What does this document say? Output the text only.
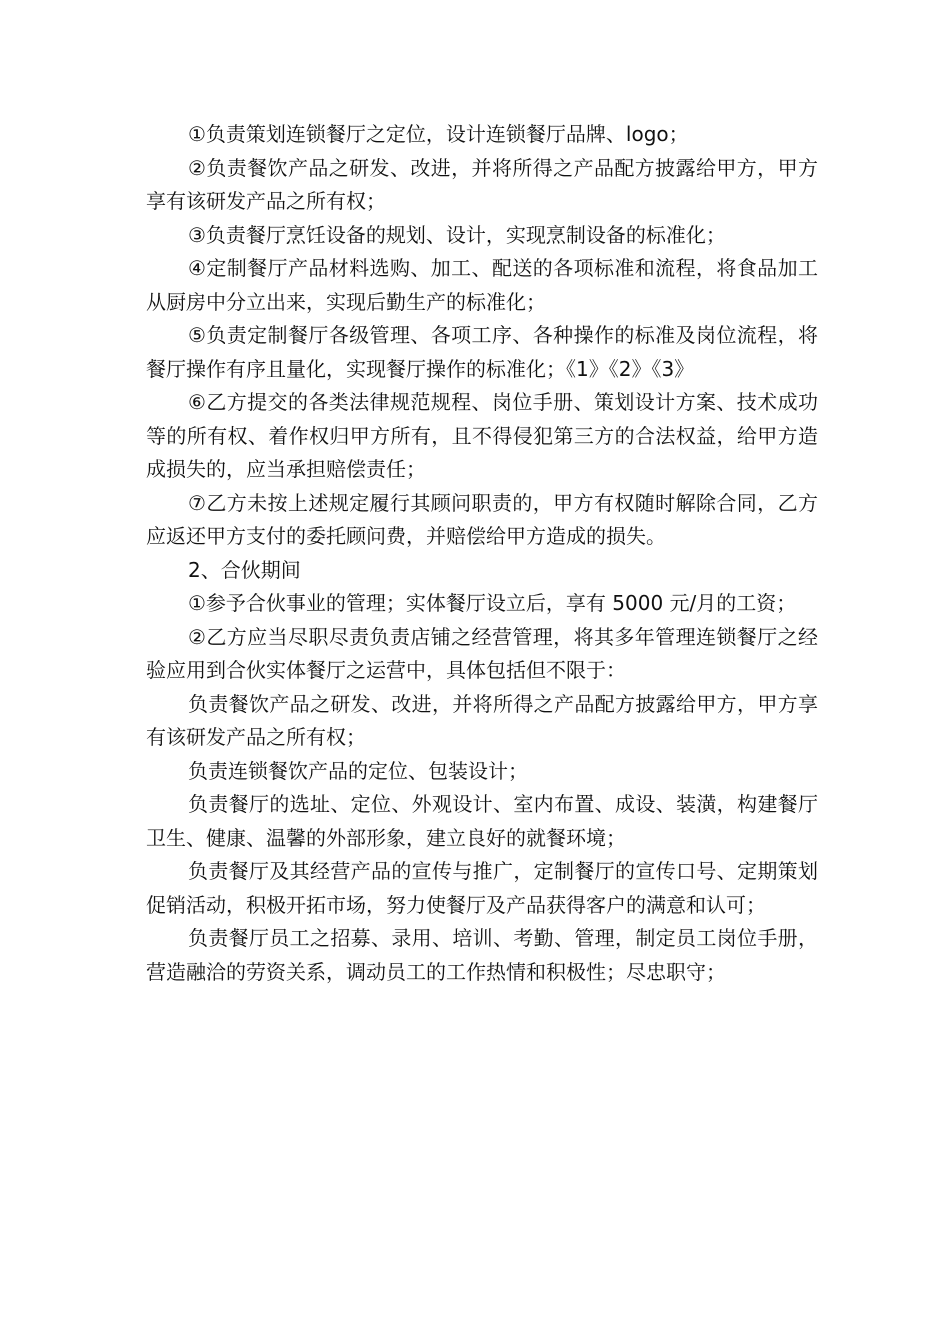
①负责策划连锁餐厅之定位，设计连锁餐厅品牌、logo；

②负责餐饮产品之研发、改进，并将所得之产品配方披露给甲方，甲方享有该研发产品之所有权；

③负责餐厅烹饪设备的规划、设计，实现烹制设备的标准化；

④定制餐厅产品材料选购、加工、配送的各项标准和流程，将食品加工从厨房中分立出来，实现后勤生产的标准化；

⑤负责定制餐厅各级管理、各项工序、各种操作的标准及岗位流程，将餐厅操作有序且量化，实现餐厅操作的标准化；《1》《2》《3》

⑥乙方提交的各类法律规范规程、岗位手册、策划设计方案、技术成功等的所有权、着作权归甲方所有，且不得侵犯第三方的合法权益，给甲方造成损失的，应当承担赔偿责任；

⑦乙方未按上述规定履行其顾问职责的，甲方有权随时解除合同，乙方应返还甲方支付的委托顾问费，并赔偿给甲方造成的损失。

2、合伙期间

①参予合伙事业的管理；实体餐厅设立后，享有 5000 元/月的工资；

②乙方应当尽职尽责负责店铺之经营管理，将其多年管理连锁餐厅之经验应用到合伙实体餐厅之运营中，具体包括但不限于：

负责餐饮产品之研发、改进，并将所得之产品配方披露给甲方，甲方享有该研发产品之所有权；

负责连锁餐饮产品的定位、包装设计；

负责餐厅的选址、定位、外观设计、室内布置、成设、装潢，构建餐厅卫生、健康、温馨的外部形象，建立良好的就餐环境；

负责餐厅及其经营产品的宣传与推广，定制餐厅的宣传口号、定期策划促销活动，积极开拓市场，努力使餐厅及产品获得客户的满意和认可；

负责餐厅员工之招募、录用、培训、考勤、管理，制定员工岗位手册，营造融洽的劳资关系，调动员工的工作热情和积极性；尽忠职守；
